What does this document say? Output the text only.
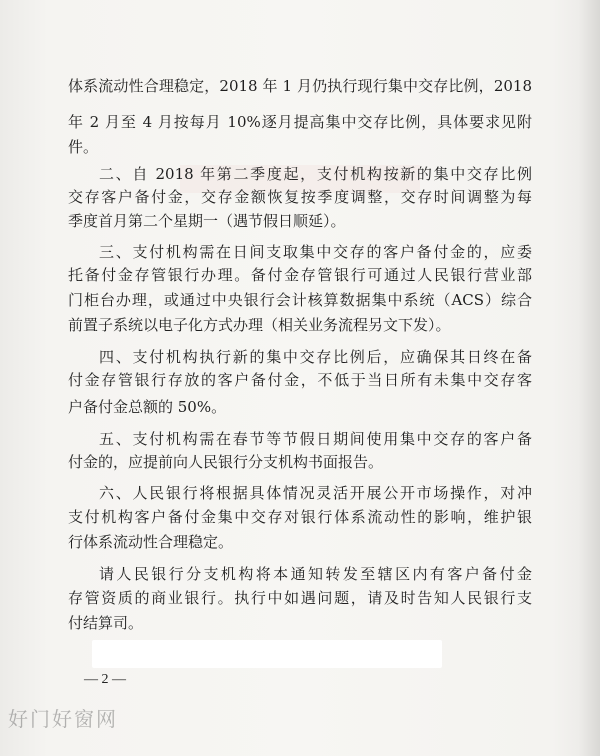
体系流动性合理稳定，2018 年 1 月仍执行现行集中交存比例，2018

年 2 月至 4 月按每月 10%逐月提高集中交存比例，具体要求见附

件。

二、自 2018 年第二季度起，支付机构按新的集中交存比例

交存客户备付金，交存金额恢复按季度调整，交存时间调整为每

季度首月第二个星期一（遇节假日顺延）。

三、支付机构需在日间支取集中交存的客户备付金的，应委

托备付金存管银行办理。备付金存管银行可通过人民银行营业部

门柜台办理，或通过中央银行会计核算数据集中系统（ACS）综合

前置子系统以电子化方式办理（相关业务流程另文下发）。

四、支付机构执行新的集中交存比例后，应确保其日终在备

付金存管银行存放的客户备付金，不低于当日所有未集中交存客

户备付金总额的 50%。

五、支付机构需在春节等节假日期间使用集中交存的客户备

付金的，应提前向人民银行分支机构书面报告。

六、人民银行将根据具体情况灵活开展公开市场操作，对冲

支付机构客户备付金集中交存对银行体系流动性的影响，维护银

行体系流动性合理稳定。

请人民银行分支机构将本通知转发至辖区内有客户备付金

存管资质的商业银行。执行中如遇问题，请及时告知人民银行支

付结算司。

— 2 —
好门好窗网
